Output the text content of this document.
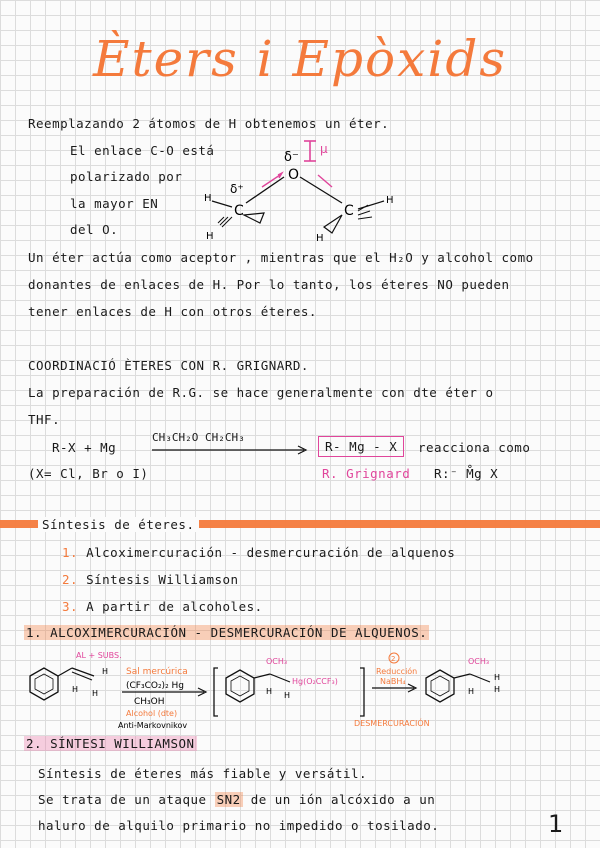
Èters i Epòxids
Reemplazando 2 átomos de H obtenemos un éter.
El enlace C-O está
polarizado por
la mayor EN
del O.
δ⁻
μ
O
δ⁺
C	C
H
H
H
H
Un éter actúa como aceptor , mientras que el H₂O y alcohol como
donantes de enlaces de H. Por lo tanto, los éteres NO pueden
tener enlaces de H con otros éteres.
COORDINACIÓ ÈTERES CON R. GRIGNARD.
La preparación de R.G. se hace generalmente con dte éter o
THF.
R-X + Mg
CH₃CH₂O CH₂CH₃
R- Mg - X	reacciona como
(X= Cl, Br o I)	R. Grignard R:⁻ M̊g X
Síntesis de éteres.
1. Alcoximercuración - desmercuración de alquenos
2. Síntesis Williamson
3. A partir de alcoholes.
1. ALCOXIMERCURACIÓN - DESMERCURACIÓN DE ALQUENOS.
AL + SUBS.
H H
H Sal mercúrica
(CF₃CO₂)₂ Hg
CH₃OH
Alcohol (dte)
Anti-Markovnikov
OCH₃
Hg(O₂CCF₃)
H H
2
Reducción
NaBH₄
DESMERCURACIÓN
OCH₃
H
H
H
2. SÍNTESI WILLIAMSON
Síntesis de éteres más fiable y versátil.
Se trata de un ataque SN2 de un ión alcóxido a un
haluro de alquilo primario no impedido o tosilado.	1
